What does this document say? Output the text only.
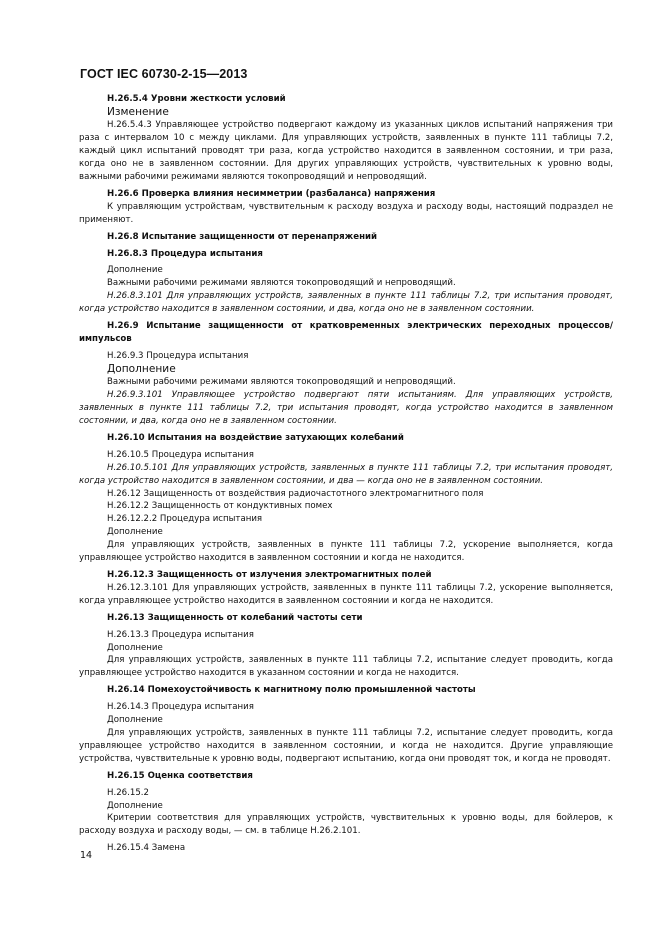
ГОСТ IEC 60730-2-15—2013

Н.26.5.4 Уровни жесткости условий

Изменение

Н.26.5.4.3 Управляющее устройство подвергают каждому из указанных циклов испытаний напряжения три раза с интервалом 10 с между циклами. Для управляющих устройств, заявленных в пункте 111 таблицы 7.2, каждый цикл испытаний проводят три раза, когда устройство находится в заявленном состоянии, и три раза, когда оно не в заявленном состоянии. Для других управляющих устройств, чувствительных к уровню воды, важными рабочими режимами являются токопроводящий и непроводящий.

Н.26.6 Проверка влияния несимметрии (разбаланса) напряжения

К управляющим устройствам, чувствительным к расходу воздуха и расходу воды, настоящий подраздел не применяют.

Н.26.8 Испытание защищенности от перенапряжений

Н.26.8.3 Процедура испытания

Дополнение

Важными рабочими режимами являются токопроводящий и непроводящий.

Н.26.8.3.101 Для управляющих устройств, заявленных в пункте 111 таблицы 7.2, три испытания проводят, когда устройство находится в заявленном состоянии, и два, когда оно не в заявленном состоянии.

Н.26.9 Испытание защищенности от кратковременных электрических переходных процессов/импульсов

Н.26.9.3 Процедура испытания

Дополнение

Важными рабочими режимами являются токопроводящий и непроводящий.

Н.26.9.3.101 Управляющее устройство подвергают пяти испытаниям. Для управляющих устройств, заявленных в пункте 111 таблицы 7.2, три испытания проводят, когда устройство находится в заявленном состоянии, и два, когда оно не в заявленном состоянии.

Н.26.10 Испытания на воздействие затухающих колебаний

Н.26.10.5 Процедура испытания

Н.26.10.5.101 Для управляющих устройств, заявленных в пункте 111 таблицы 7.2, три испытания проводят, когда устройство находится в заявленном состоянии, и два — когда оно не в заявленном состоянии.

Н.26.12 Защищенность от воздействия радиочастотного электромагнитного поля

Н.26.12.2 Защищенность от кондуктивных помех

Н.26.12.2.2 Процедура испытания

Дополнение

Для управляющих устройств, заявленных в пункте 111 таблицы 7.2, ускорение выполняется, когда управляющее устройство находится в заявленном состоянии и когда не находится.

Н.26.12.3 Защищенность от излучения электромагнитных полей

Н.26.12.3.101 Для управляющих устройств, заявленных в пункте 111 таблицы 7.2, ускорение выполняется, когда управляющее устройство находится в заявленном состоянии и когда не находится.

Н.26.13 Защищенность от колебаний частоты сети

Н.26.13.3 Процедура испытания

Дополнение

Для управляющих устройств, заявленных в пункте 111 таблицы 7.2, испытание следует проводить, когда управляющее устройство находится в указанном состоянии и когда не находится.

Н.26.14 Помехоустойчивость к магнитному полю промышленной частоты

Н.26.14.3 Процедура испытания

Дополнение

Для управляющих устройств, заявленных в пункте 111 таблицы 7.2, испытание следует проводить, когда управляющее устройство находится в заявленном состоянии, и когда не находится. Другие управляющие устройства, чувствительные к уровню воды, подвергают испытанию, когда они проводят ток, и когда не проводят.

Н.26.15 Оценка соответствия

Н.26.15.2

Дополнение

Критерии соответствия для управляющих устройств, чувствительных к уровню воды, для бойлеров, к расходу воздуха и расходу воды, — см. в таблице Н.26.2.101.

Н.26.15.4 Замена

14
